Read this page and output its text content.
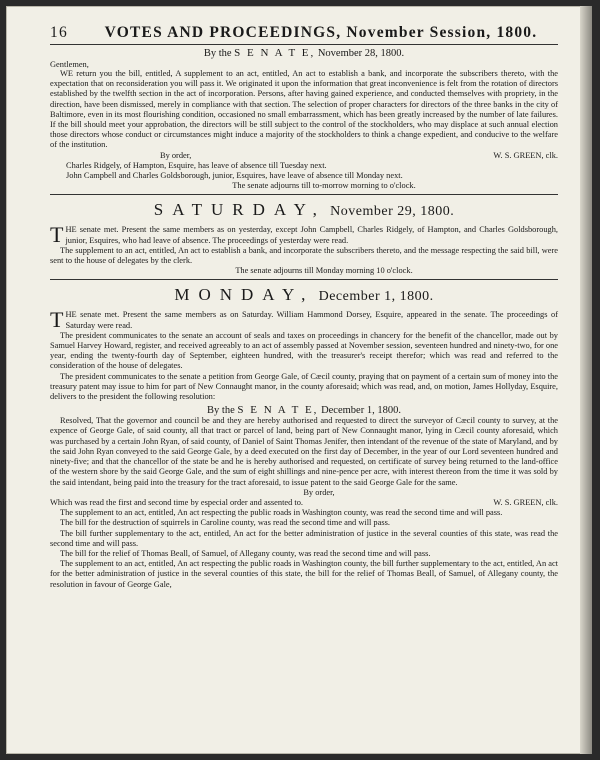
16	VOTES AND PROCEEDINGS, November Session, 1800.
By the S E N A T E, November 28, 1800.
Gentlemen,

WE return you the bill, entitled, A supplement to an act, entitled, An act to establish a bank, and incorporate the subscribers thereto, with the expectation that on reconsideration you will pass it. We originated it upon the information that great inconvenience is felt from the rotation of directors established by the twelfth section in the act of incorporation. Persons, after having gained experience, and conducted themselves with propriety, in the direction, have been dismissed, merely in compliance with that section. The selection of proper characters for directors of the three banks in the city of Baltimore, even in its most flourishing condition, occasioned no small embarrassment, which has been greatly increased by the number of late failures. If the bill should meet your approbation, the directors will be still subject to the control of the stockholders, who may displace at such annual election those directors whose conduct or circumstances might induce a majority of the stockholders to think a change expedient, and conducive to the welfare of the institution.

By order,	W. S. GREEN, clk.
Charles Ridgely, of Hampton, Esquire, has leave of absence till Tuesday next.
John Campbell and Charles Goldsborough, junior, Esquires, have leave of absence till Monday next.
The senate adjourns till to-morrow morning to o'clock.
SATURDAY, November 29, 1800.
T HE senate met. Present the same members as on yesterday, except John Campbell, Charles Ridgely, of Hampton, and Charles Goldsborough, junior, Esquires, who had leave of absence. The proceedings of yesterday were read.

The supplement to an act, entitled, An act to establish a bank, and incorporate the subscribers thereto, and the message respecting the said bill, were sent to the house of delegates by the clerk.

The senate adjourns till Monday morning 10 o'clock.
MONDAY, December 1, 1800.
T HE senate met. Present the same members as on Saturday. William Hammond Dorsey, Esquire, appeared in the senate. The proceedings of Saturday were read.

The president communicates to the senate an account of seals and taxes on proceedings in chancery for the benefit of the chancellor, made out by Samuel Harvey Howard, register, and received agreeably to an act of assembly passed at November session, seventeen hundred and ninety-two, for one year, ending the twenty-fourth day of September, eighteen hundred, with the treasurer's receipt therefor; which was read and referred to the consideration of the house of delegates.

The president communicates to the senate a petition from George Gale, of Cæcil county, praying that on payment of a certain sum of money into the treasury patent may issue to him for part of New Connaught manor, in the county aforesaid; which was read, and, on motion, James Hollyday, Esquire, delivers to the president the following resolution:

By the S E N A T E, December 1, 1800.

Resolved, That the governor and council be and they are hereby authorised and requested to direct the surveyor of Cæcil county to survey, at the expence of George Gale, of said county, all that tract or parcel of land, being part of New Connaught manor, lying in Cæcil county aforesaid, which was purchased by a certain John Ryan, of said county, of Daniel of Saint Thomas Jenifer, then intendant of the revenue of the state of Maryland, and by the said John Ryan conveyed to the said George Gale, by a deed executed on the first day of December, in the year of our Lord seventeen hundred and ninety-five; and that the chancellor of the state be and he is hereby authorised and requested, on certificate of survey being returned to the land-office of the western shore by the said George Gale, and the sum of eight shillings and nine-pence per acre, with interest thereon from the time it was sold by the said intendant, being paid into the treasury for the tract aforesaid, to issue patent to the said George Gale for the same.

By order,
Which was read the first and second time by especial order and assented to.	W. S. GREEN, clk.

The supplement to an act, entitled, An act respecting the public roads in Washington county, was read the second time and will pass.

The bill for the destruction of squirrels in Caroline county, was read the second time and will pass.

The bill further supplementary to the act, entitled, An act for the better administration of justice in the several counties of this state, was read the second time and will pass.

The bill for the relief of Thomas Beall, of Samuel, of Allegany county, was read the second time and will pass.

The supplement to an act, entitled, An act respecting the public roads in Washington county, the bill further supplementary to the act, entitled, An act for the better administration of justice in the several counties of this state, the bill for the relief of Thomas Beall, of Samuel, of Allegany county, the resolution in favour of George Gale,
